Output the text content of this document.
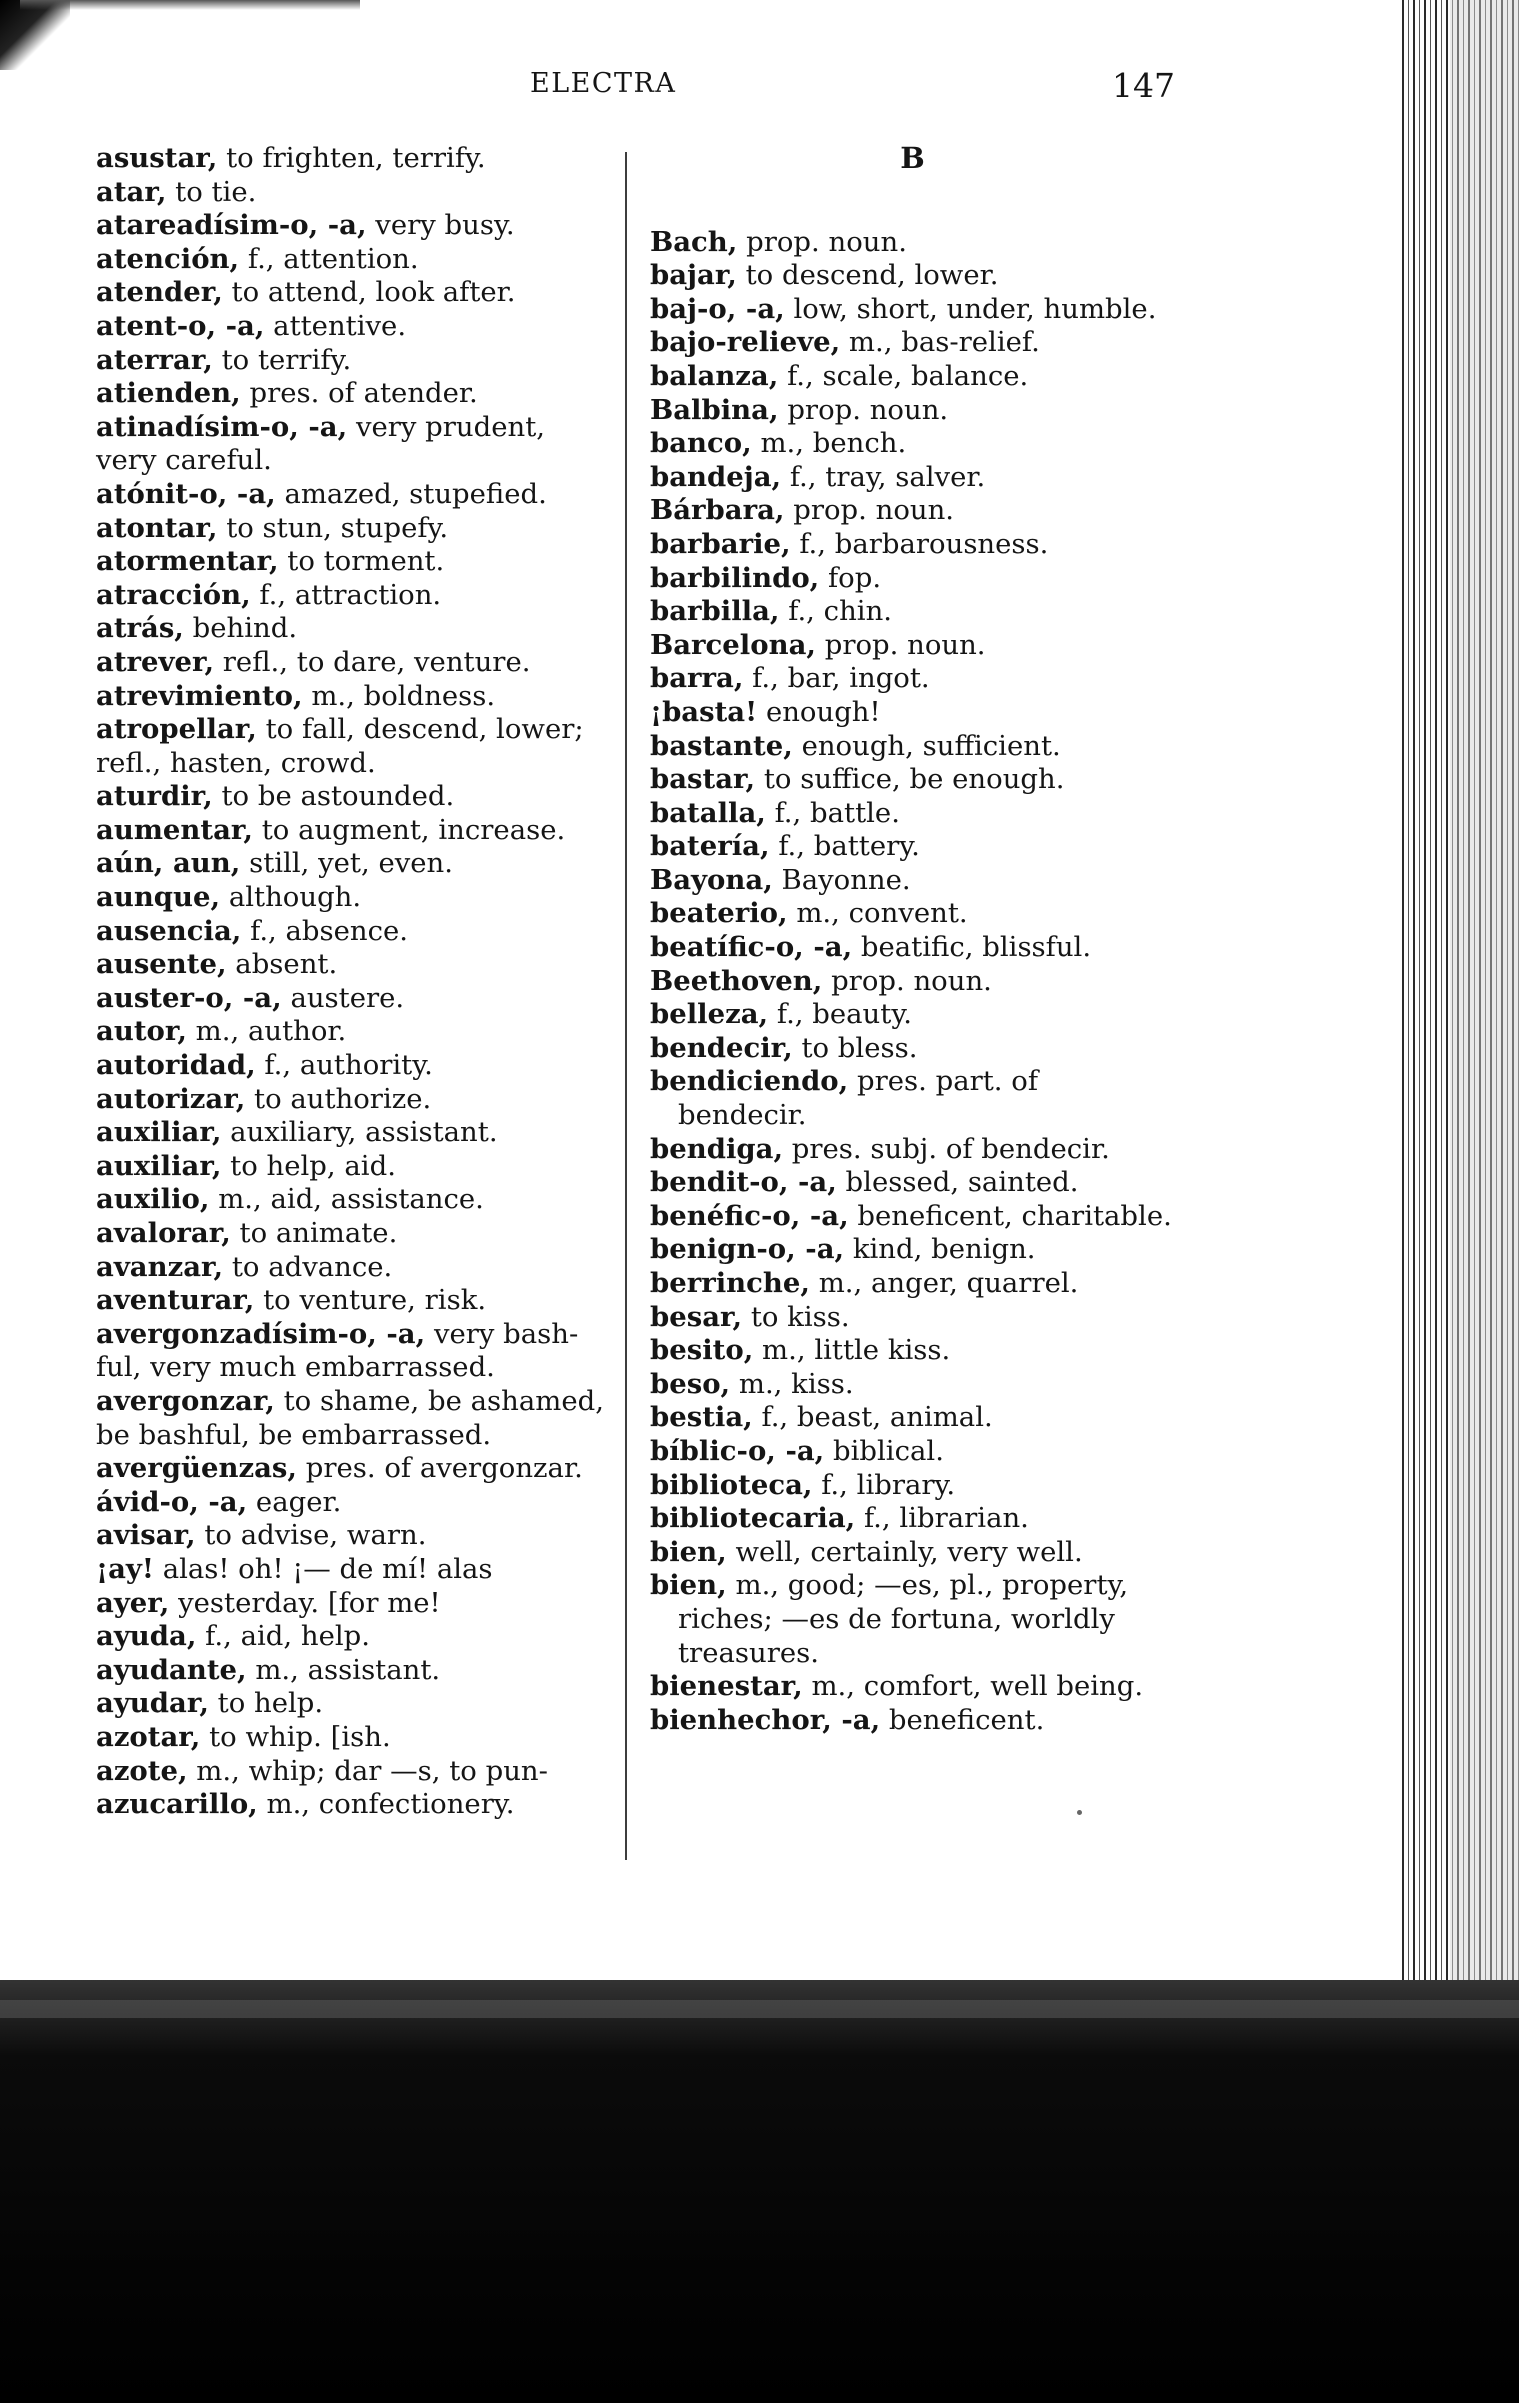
ELECTRA	147
asustar, to frighten, terrify.
atar, to tie.
atareadísim-o, -a, very busy.
atención, f., attention.
atender, to attend, look after.
atent-o, -a, attentive.
aterrar, to terrify.
atienden, pres. of atender.
atinadísim-o, -a, very prudent,
very careful.
atónit-o, -a, amazed, stupefied.
atontar, to stun, stupefy.
atormentar, to torment.
atracción, f., attraction.
atrás, behind.
atrever, refl., to dare, venture.
atrevimiento, m., boldness.
atropellar, to fall, descend, lower;
refl., hasten, crowd.
aturdir, to be astounded.
aumentar, to augment, increase.
aún, aun, still, yet, even.
aunque, although.
ausencia, f., absence.
ausente, absent.
auster-o, -a, austere.
autor, m., author.
autoridad, f., authority.
autorizar, to authorize.
auxiliar, auxiliary, assistant.
auxiliar, to help, aid.
auxilio, m., aid, assistance.
avalorar, to animate.
avanzar, to advance.
aventurar, to venture, risk.
avergonzadísim-o, -a, very bash-
ful, very much embarrassed.
avergonzar, to shame, be ashamed,
be bashful, be embarrassed.
avergüenzas, pres. of avergonzar.
ávid-o, -a, eager.
avisar, to advise, warn.
¡ay! alas! oh! ¡— de mí! alas
ayer, yesterday. [for me!
ayuda, f., aid, help.
ayudante, m., assistant.
ayudar, to help.
azotar, to whip. [ish.
azote, m., whip; dar —s, to pun-
azucarillo, m., confectionery.
B
Bach, prop. noun.
bajar, to descend, lower.
baj-o, -a, low, short, under, humble.
bajo-relieve, m., bas-relief.
balanza, f., scale, balance.
Balbina, prop. noun.
banco, m., bench.
bandeja, f., tray, salver.
Bárbara, prop. noun.
barbarie, f., barbarousness.
barbilindo, fop.
barbilla, f., chin.
Barcelona, prop. noun.
barra, f., bar, ingot.
¡basta! enough!
bastante, enough, sufficient.
bastar, to suffice, be enough.
batalla, f., battle.
batería, f., battery.
Bayona, Bayonne.
beaterio, m., convent.
beatífic-o, -a, beatific, blissful.
Beethoven, prop. noun.
belleza, f., beauty.
bendecir, to bless.
bendiciendo, pres. part. of bendecir.
bendiga, pres. subj. of bendecir.
bendit-o, -a, blessed, sainted.
benéfic-o, -a, beneficent, charitable.
benign-o, -a, kind, benign.
berrinche, m., anger, quarrel.
besar, to kiss.
besito, m., little kiss.
beso, m., kiss.
bestia, f., beast, animal.
bíblic-o, -a, biblical.
biblioteca, f., library.
bibliotecaria, f., librarian.
bien, well, certainly, very well.
bien, m., good; —es, pl., property, riches; —es de fortuna, worldly treasures.
bienestar, m., comfort, well being.
bienhechor, -a, beneficent.
